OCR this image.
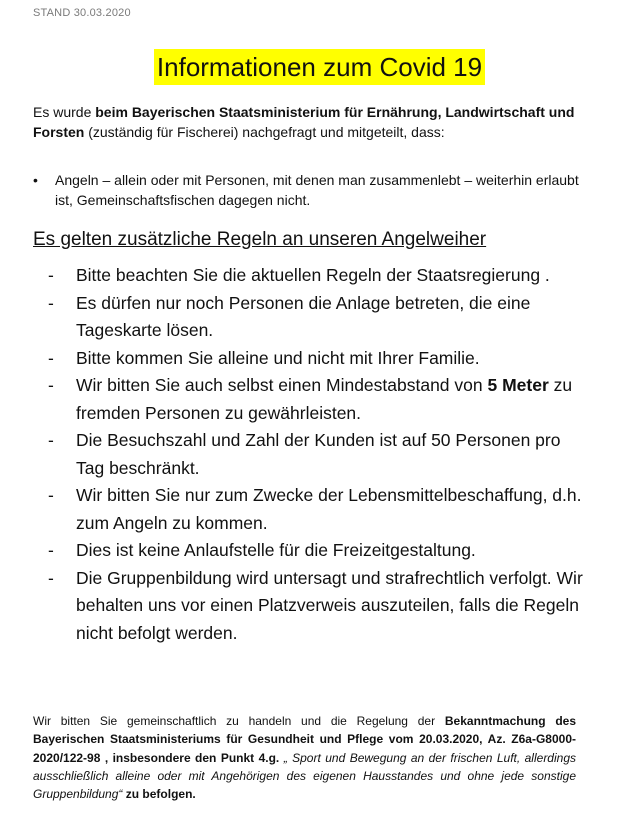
STAND 30.03.2020
Informationen zum Covid 19
Es wurde beim Bayerischen Staatsministerium für Ernährung, Landwirtschaft und Forsten (zuständig für Fischerei) nachgefragt und mitgeteilt, dass:
•	Angeln – allein oder mit Personen, mit denen man zusammenlebt – weiterhin erlaubt ist, Gemeinschaftsfischen dagegen nicht.
Es gelten zusätzliche Regeln an unseren Angelweiher
-	Bitte beachten Sie die aktuellen Regeln der Staatsregierung .
-	Es dürfen nur noch Personen die Anlage betreten, die eine Tageskarte lösen.
-	Bitte kommen Sie alleine und nicht mit Ihrer Familie.
-	Wir bitten Sie auch selbst einen Mindestabstand von 5 Meter zu fremden Personen zu gewährleisten.
-	Die Besuchszahl und Zahl der Kunden ist auf 50 Personen pro Tag beschränkt.
-	Wir bitten Sie nur zum Zwecke der Lebensmittelbeschaffung, d.h. zum Angeln zu kommen.
-	Dies ist keine Anlaufstelle für die Freizeitgestaltung.
-	Die Gruppenbildung wird untersagt und strafrechtlich verfolgt. Wir behalten uns vor einen Platzverweis auszuteilen, falls die Regeln nicht befolgt werden.
Wir bitten Sie gemeinschaftlich zu handeln und die Regelung der Bekanntmachung des Bayerischen Staatsministeriums für Gesundheit und Pflege vom 20.03.2020, Az. Z6a-G8000-2020/122-98 , insbesondere den Punkt 4.g. „ Sport und Bewegung an der frischen Luft, allerdings ausschließlich alleine oder mit Angehörigen des eigenen Hausstandes und ohne jede sonstige Gruppenbildung“ zu befolgen.
